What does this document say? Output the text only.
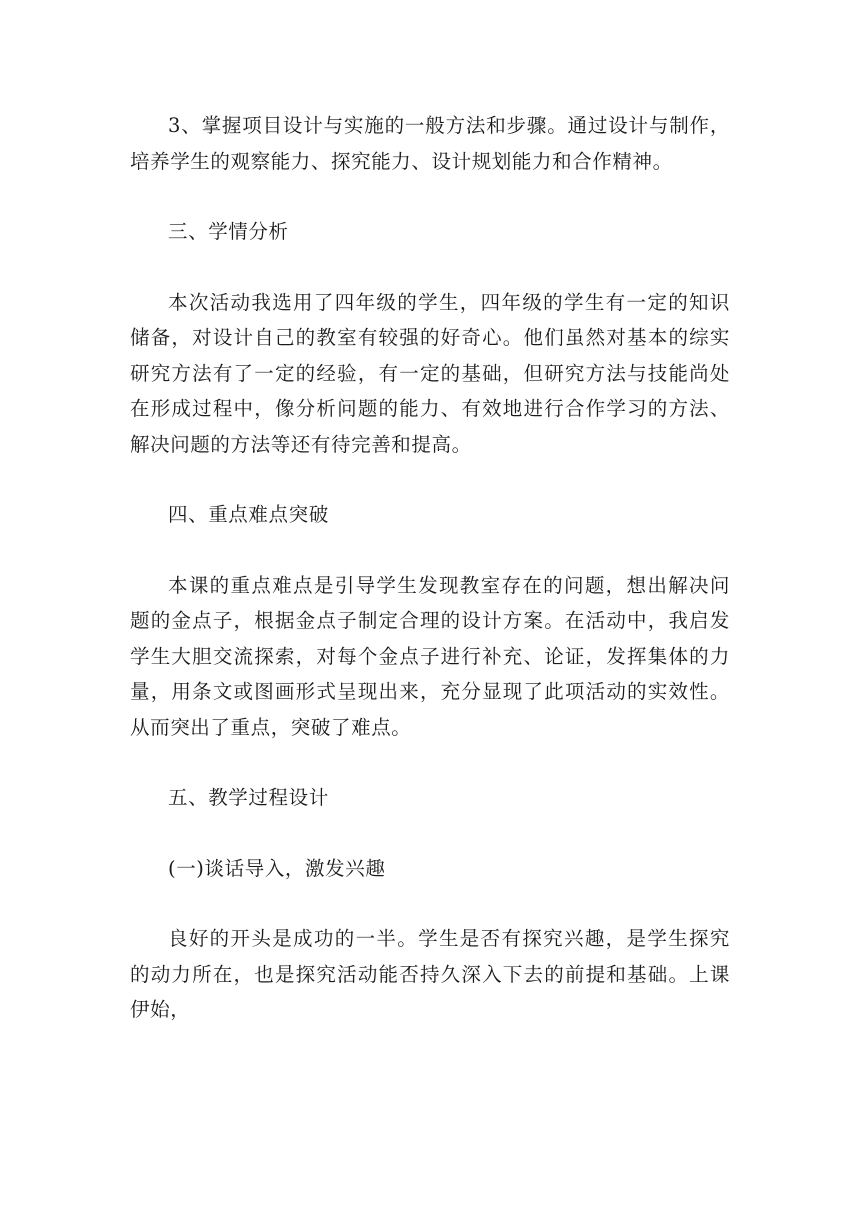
3、掌握项目设计与实施的一般方法和步骤。通过设计与制作，培养学生的观察能力、探究能力、设计规划能力和合作精神。

三、学情分析

本次活动我选用了四年级的学生，四年级的学生有一定的知识储备，对设计自己的教室有较强的好奇心。他们虽然对基本的综实研究方法有了一定的经验，有一定的基础，但研究方法与技能尚处在形成过程中，像分析问题的能力、有效地进行合作学习的方法、解决问题的方法等还有待完善和提高。

四、重点难点突破

本课的重点难点是引导学生发现教室存在的问题，想出解决问题的金点子，根据金点子制定合理的设计方案。在活动中，我启发学生大胆交流探索，对每个金点子进行补充、论证，发挥集体的力量，用条文或图画形式呈现出来，充分显现了此项活动的实效性。从而突出了重点，突破了难点。

五、教学过程设计

(一)谈话导入，激发兴趣

良好的开头是成功的一半。学生是否有探究兴趣，是学生探究的动力所在，也是探究活动能否持久深入下去的前提和基础。上课伊始，
